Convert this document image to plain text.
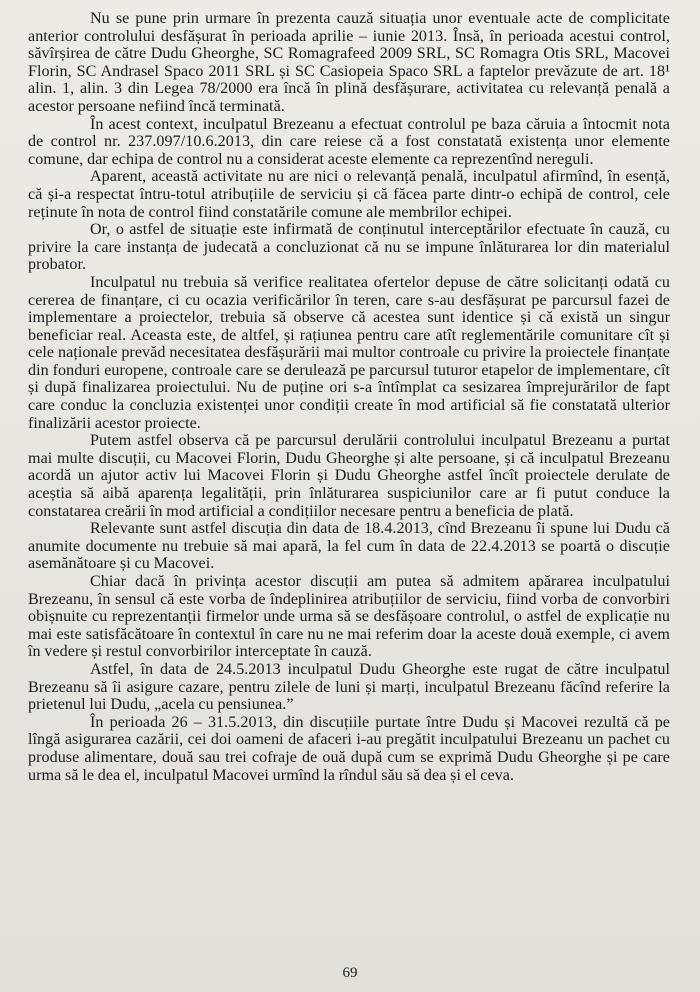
Nu se pune prin urmare în prezenta cauză situația unor eventuale acte de complicitate anterior controlului desfășurat în perioada aprilie – iunie 2013. Însă, în perioada acestui control, săvîrșirea de către Dudu Gheorghe, SC Romagrafeed 2009 SRL, SC Romagra Otis SRL, Macovei Florin, SC Andrasel Spaco 2011 SRL și SC Casiopeia Spaco SRL a faptelor prevăzute de art. 18¹ alin. 1, alin. 3 din Legea 78/2000 era încă în plină desfășurare, activitatea cu relevanță penală a acestor persoane nefiind încă terminată.

În acest context, inculpatul Brezeanu a efectuat controlul pe baza căruia a întocmit nota de control nr. 237.097/10.6.2013, din care reiese că a fost constatată existența unor elemente comune, dar echipa de control nu a considerat aceste elemente ca reprezentînd nereguli.

Aparent, această activitate nu are nici o relevanță penală, inculpatul afirmînd, în esență, că și-a respectat întru-totul atribuțiile de serviciu și că făcea parte dintr-o echipă de control, cele reținute în nota de control fiind constatările comune ale membrilor echipei.

Or, o astfel de situație este infirmată de conținutul interceptărilor efectuate în cauză, cu privire la care instanța de judecată a concluzionat că nu se impune înlăturarea lor din materialul probator.

Inculpatul nu trebuia să verifice realitatea ofertelor depuse de către solicitanți odată cu cererea de finanțare, ci cu ocazia verificărilor în teren, care s-au desfășurat pe parcursul fazei de implementare a proiectelor, trebuia să observe că acestea sunt identice și că există un singur beneficiar real. Aceasta este, de altfel, și rațiunea pentru care atît reglementările comunitare cît și cele naționale prevăd necesitatea desfășurării mai multor controale cu privire la proiectele finanțate din fonduri europene, controale care se derulează pe parcursul tuturor etapelor de implementare, cît și după finalizarea proiectului. Nu de puține ori s-a întîmplat ca sesizarea împrejurărilor de fapt care conduc la concluzia existenței unor condiții create în mod artificial să fie constatată ulterior finalizării acestor proiecte.

Putem astfel observa că pe parcursul derulării controlului inculpatul Brezeanu a purtat mai multe discuții, cu Macovei Florin, Dudu Gheorghe și alte persoane, și că inculpatul Brezeanu acordă un ajutor activ lui Macovei Florin și Dudu Gheorghe astfel încît proiectele derulate de aceștia să aibă aparența legalității, prin înlăturarea suspiciunilor care ar fi putut conduce la constatarea creării în mod artificial a condițiilor necesare pentru a beneficia de plată.

Relevante sunt astfel discuția din data de 18.4.2013, cînd Brezeanu îi spune lui Dudu că anumite documente nu trebuie să mai apară, la fel cum în data de 22.4.2013 se poartă o discuție asemănătoare și cu Macovei.

Chiar dacă în privința acestor discuții am putea să admitem apărarea inculpatului Brezeanu, în sensul că este vorba de îndeplinirea atribuțiilor de serviciu, fiind vorba de convorbiri obișnuite cu reprezentanții firmelor unde urma să se desfășoare controlul, o astfel de explicație nu mai este satisfăcătoare în contextul în care nu ne mai referim doar la aceste două exemple, ci avem în vedere și restul convorbirilor interceptate în cauză.

Astfel, în data de 24.5.2013 inculpatul Dudu Gheorghe este rugat de către inculpatul Brezeanu să îi asigure cazare, pentru zilele de luni și marți, inculpatul Brezeanu făcînd referire la prietenul lui Dudu, „acela cu pensiunea.”

În perioada 26 – 31.5.2013, din discuțiile purtate între Dudu și Macovei rezultă că pe lîngă asigurarea cazării, cei doi oameni de afaceri i-au pregătit inculpatului Brezeanu un pachet cu produse alimentare, două sau trei cofraje de ouă după cum se exprimă Dudu Gheorghe și pe care urma să le dea el, inculpatul Macovei urmînd la rîndul său să dea și el ceva.

69
